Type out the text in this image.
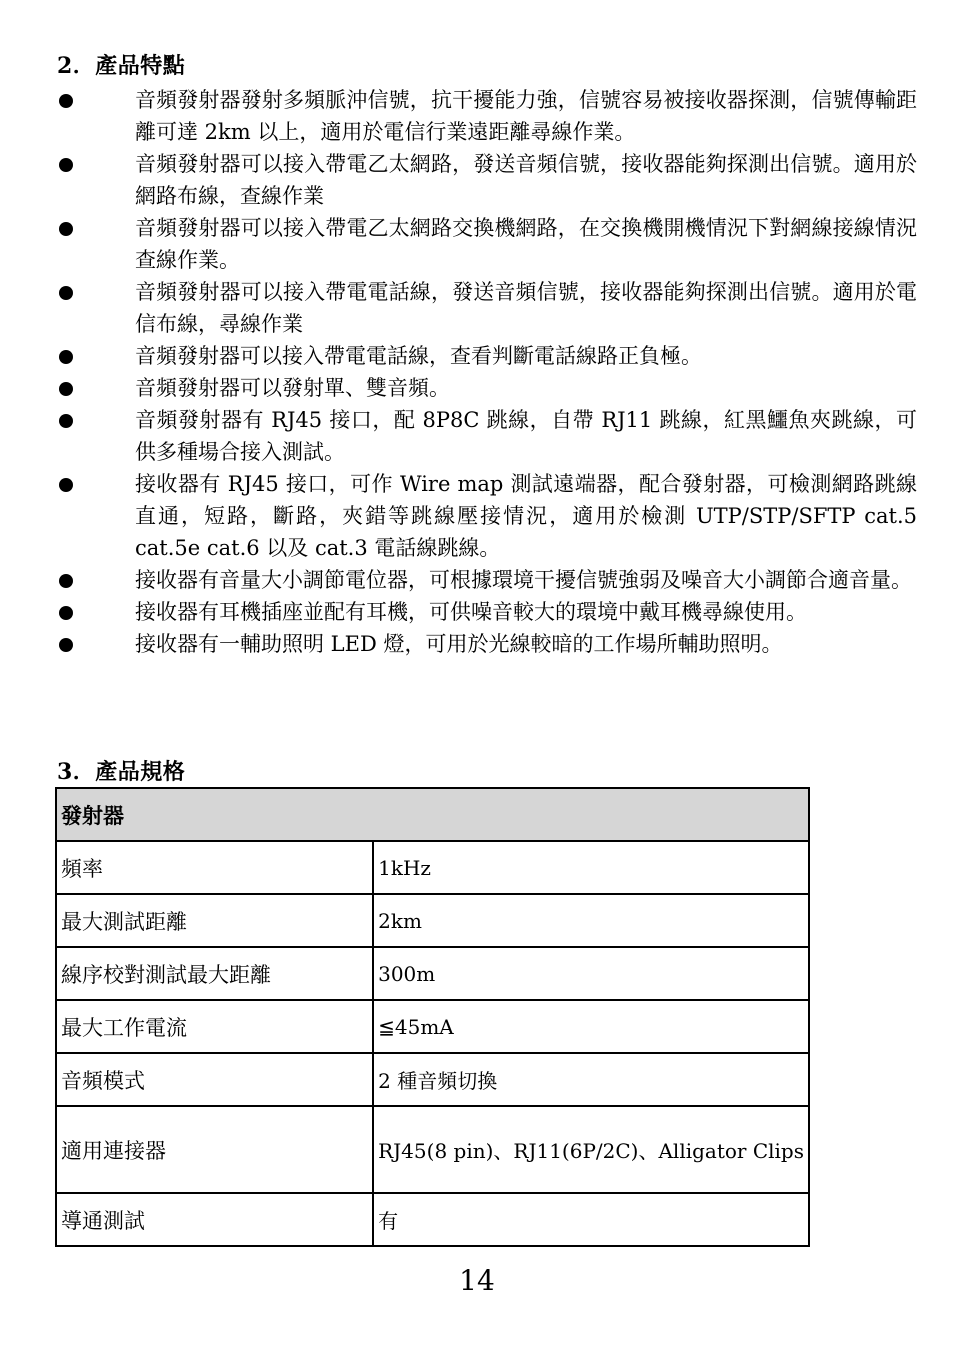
2．產品特點
音頻發射器發射多頻脈沖信號，抗干擾能力強，信號容易被接收器探測，信號傳輸距離可達 2km 以上，適用於電信行業遠距離尋線作業。
音頻發射器可以接入帶電乙太網路，發送音頻信號，接收器能夠探測出信號。適用於網路布線，查線作業
音頻發射器可以接入帶電乙太網路交換機網路，在交換機開機情況下對網線接線情況查線作業。
音頻發射器可以接入帶電電話線，發送音頻信號，接收器能夠探測出信號。適用於電信布線，尋線作業
音頻發射器可以接入帶電電話線，查看判斷電話線路正負極。
音頻發射器可以發射單、雙音頻。
音頻發射器有 RJ45 接口，配 8P8C 跳線，自帶 RJ11 跳線，紅黑鱷魚夾跳線，可供多種場合接入測試。
接收器有 RJ45 接口，可作 Wire map 測試遠端器，配合發射器，可檢測網路跳線直通，短路，斷路，夾錯等跳線壓接情況，適用於檢測 UTP/STP/SFTP cat.5 cat.5e cat.6 以及 cat.3 電話線跳線。
接收器有音量大小調節電位器，可根據環境干擾信號強弱及噪音大小調節合適音量。
接收器有耳機插座並配有耳機，可供噪音較大的環境中戴耳機尋線使用。
接收器有一輔助照明 LED 燈，可用於光線較暗的工作場所輔助照明。
3．產品規格
發射器	
頻率	1kHz
最大測試距離	2km
線序校對測試最大距離	300m
最大工作電流	≦45mA
音頻模式	2 種音頻切換
適用連接器	RJ45(8 pin)、RJ11(6P/2C)、Alligator Clips
導通測試	有
14
